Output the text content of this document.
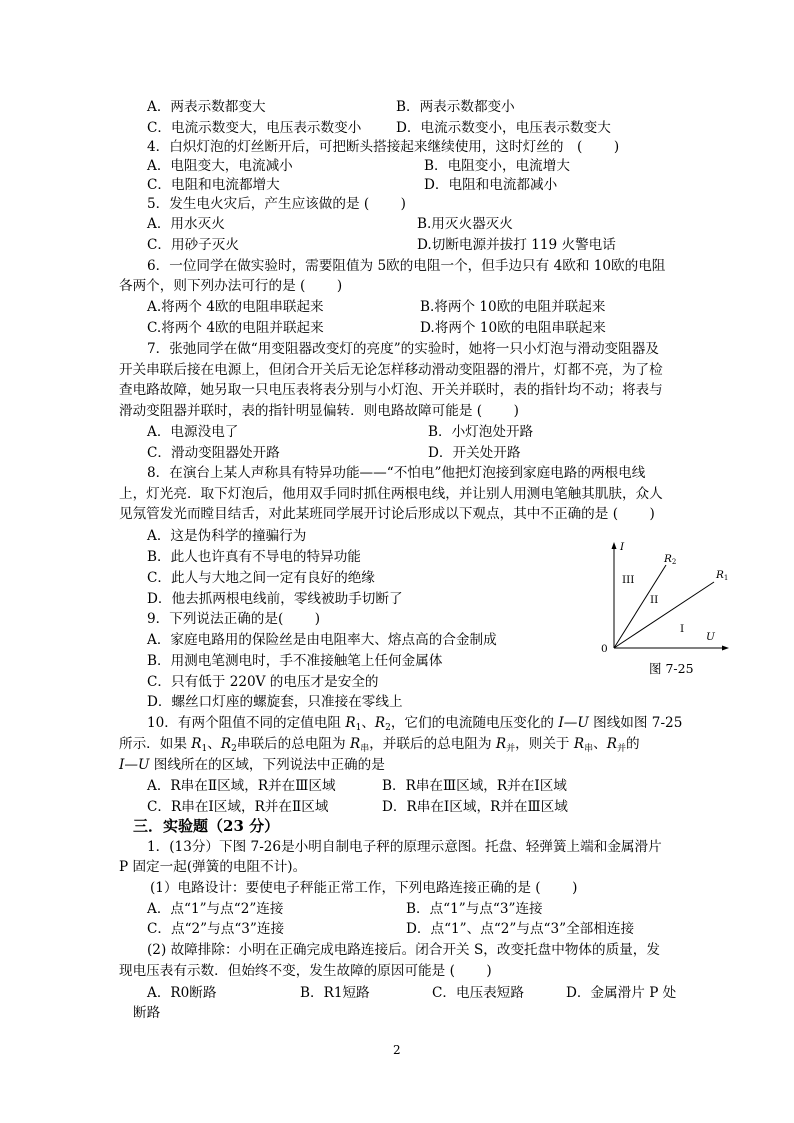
A．两表示数都变大	B．两表示数都变小
C．电流示数变大，电压表示数变小	D．电流示数变小，电压表示数变大
4．白炽灯泡的灯丝断开后，可把断头搭接起来继续使用，这时灯丝的　(　　 )
A．电阻变大，电流减小	B．电阻变小，电流增大
C．电阻和电流都增大	D．电阻和电流都减小
5．发生电火灾后，产生应该做的是 (　　 )
A．用水灭火	B.用灭火器灭火
C．用砂子灭火	D.切断电源并拔打 119 火警电话
6．一位同学在做实验时，需要阻值为 5欧的电阻一个，但手边只有 4欧和 10欧的电阻
各两个，则下列办法可行的是 (　　 )
A.将两个 4欧的电阻串联起来	B.将两个 10欧的电阻并联起来
C.将两个 4欧的电阻并联起来	D.将两个 10欧的电阻串联起来
7．张弛同学在做“用变阻器改变灯的亮度”的实验时，她将一只小灯泡与滑动变阻器及
开关串联后接在电源上，但闭合开关后无论怎样移动滑动变阻器的滑片，灯都不亮，为了检
查电路故障，她另取一只电压表将表分别与小灯泡、开关并联时，表的指针均不动；将表与
滑动变阻器并联时，表的指针明显偏转．则电路故障可能是 (　　 )
A．电源没电了	B．小灯泡处开路
C．滑动变阻器处开路	D．开关处开路
8．在演台上某人声称具有特异功能——“不怕电”他把灯泡接到家庭电路的两根电线
上，灯光亮．取下灯泡后，他用双手同时抓住两根电线，并让别人用测电笔触其肌肤，众人
见氖管发光而瞠目结舌，对此某班同学展开讨论后形成以下观点，其中不正确的是 (　　 )
A．这是伪科学的撞骗行为
B．此人也许真有不导电的特异功能
C．此人与大地之间一定有良好的绝缘
D．他去抓两根电线前，零线被助手切断了
9．下列说法正确的是(　　 )
A．家庭电路用的保险丝是由电阻率大、熔点高的合金制成
B．用测电笔测电时，手不准接触笔上任何金属体
C．只有低于 220V 的电压才是安全的
D．螺丝口灯座的螺旋套，只准接在零线上
I
U
0
R2
R1
III
II
I
图 7-25
10．有两个阻值不同的定值电阻 $R_1$、$R_2$，它们的电流随电压变化的 I—U 图线如图 7-25
所示．如果 $R_1$、$R_2$串联后的总电阻为 $R_串$，并联后的总电阻为 $R_并$，则关于 $R_串$、$R_并$的
I—U 图线所在的区域，下列说法中正确的是
A．R串在Ⅱ区域，R并在Ⅲ区域	B．R串在Ⅲ区域，R并在Ⅰ区域
C．R串在Ⅰ区域，R并在Ⅱ区域	D．R串在Ⅰ区域，R并在Ⅲ区域
三．实验题（23 分）
1．(13分）下图 7-26是小明自制电子秤的原理示意图。托盘、轻弹簧上端和金属滑片
P 固定一起(弹簧的电阻不计)。
(1）电路设计：要使电子秤能正常工作，下列电路连接正确的是 (　　 )
A．点“1”与点“2”连接	B．点“1”与点“3”连接
C．点“2”与点“3”连接	D．点“1”、点“2”与点“3”全部相连接
(2) 故障排除：小明在正确完成电路连接后。闭合开关 S，改变托盘中物体的质量，发
现电压表有示数．但始终不变，发生故障的原因可能是 (　　 )
A．R0断路	B．R1短路	C．电压表短路	D．金属滑片 P 处
断路
2
